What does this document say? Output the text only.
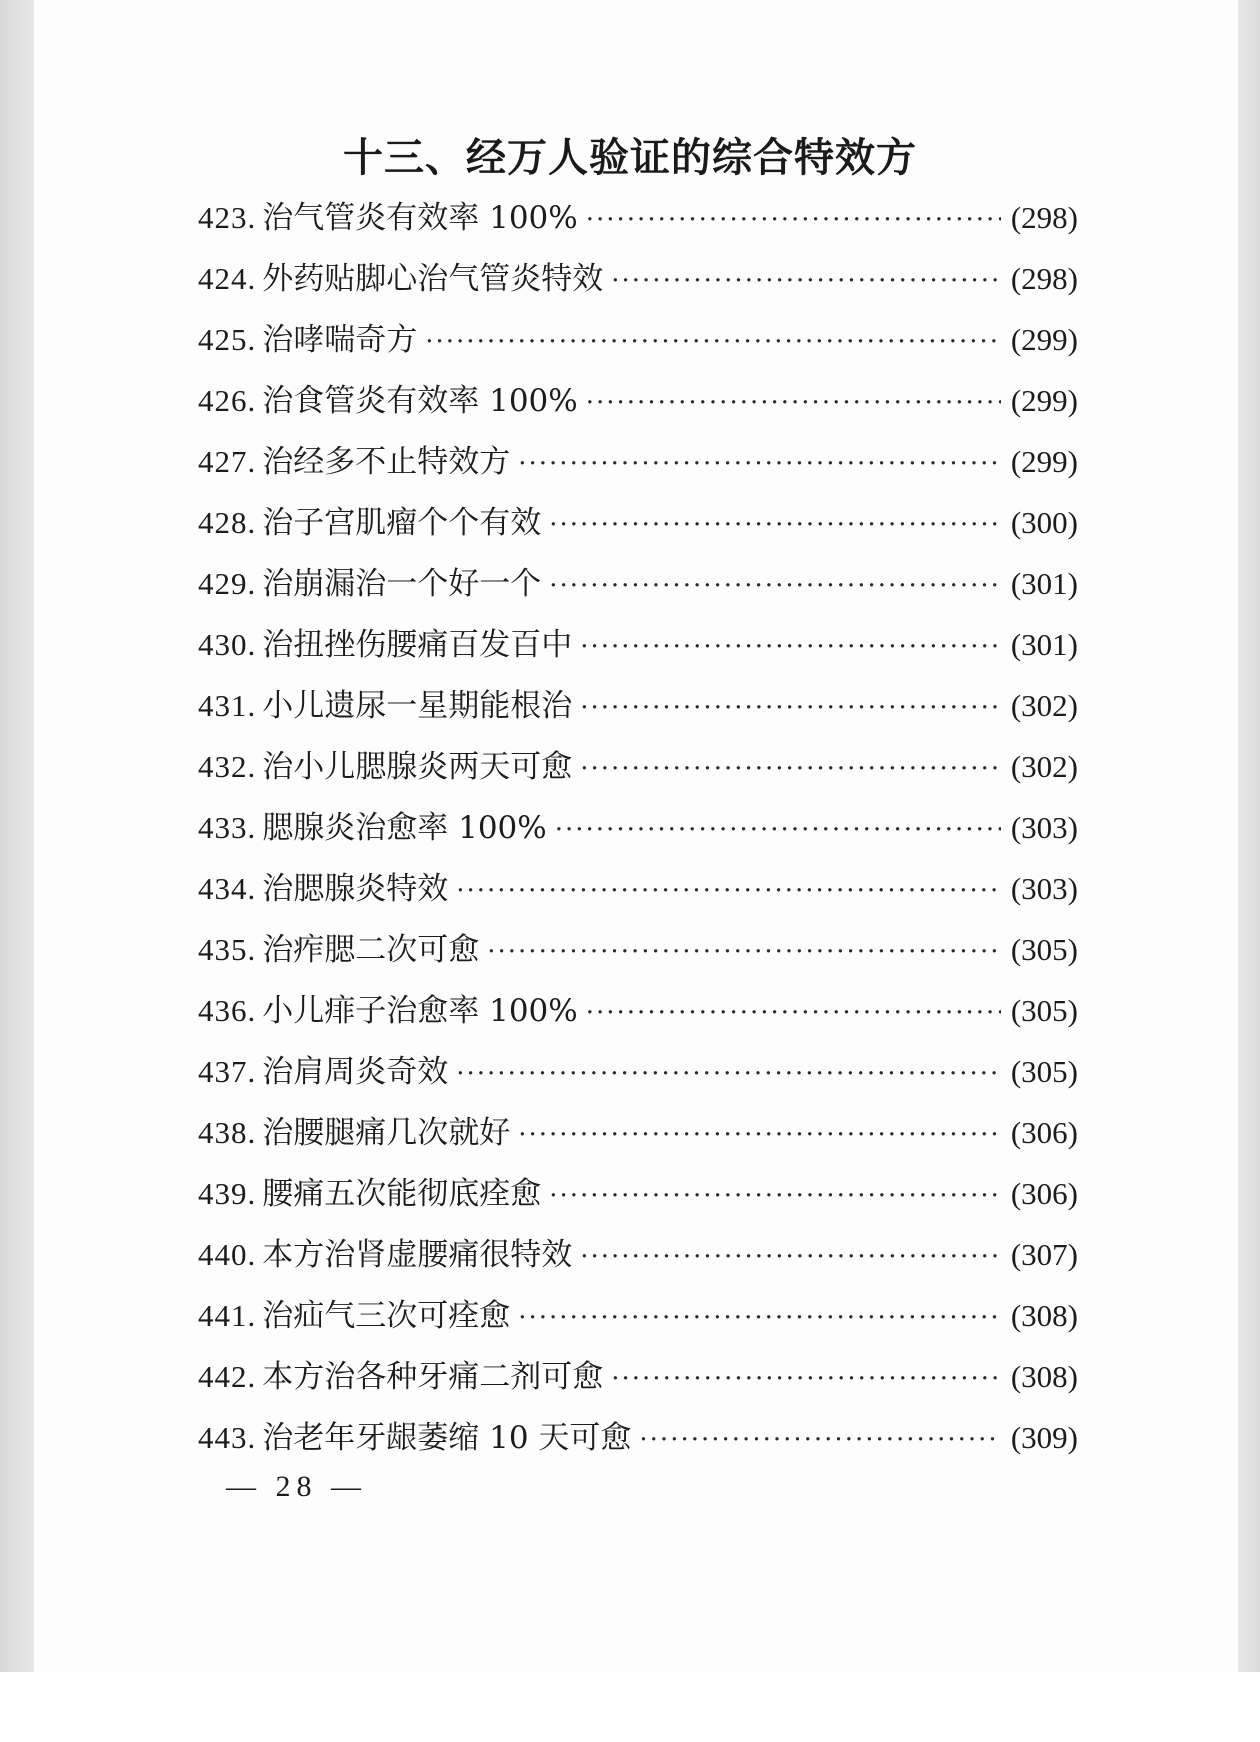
十三、经万人验证的综合特效方
423. 治气管炎有效率 100% ·····	(298)
424. 外药贴脚心治气管炎特效 ·····	(298)
425. 治哮喘奇方 ·····	(299)
426. 治食管炎有效率 100% ·····	(299)
427. 治经多不止特效方 ·····	(299)
428. 治子宫肌瘤个个有效 ·····	(300)
429. 治崩漏治一个好一个 ·····	(301)
430. 治扭挫伤腰痛百发百中 ·····	(301)
431. 小儿遗尿一星期能根治 ·····	(302)
432. 治小儿腮腺炎两天可愈 ·····	(302)
433. 腮腺炎治愈率 100% ·····	(303)
434. 治腮腺炎特效 ·····	(303)
435. 治痄腮二次可愈 ·····	(305)
436. 小儿痱子治愈率 100% ·····	(305)
437. 治肩周炎奇效 ·····	(305)
438. 治腰腿痛几次就好 ·····	(306)
439. 腰痛五次能彻底痊愈 ·····	(306)
440. 本方治肾虚腰痛很特效 ·····	(307)
441. 治疝气三次可痊愈 ·····	(308)
442. 本方治各种牙痛二剂可愈 ·····	(308)
443. 治老年牙龈萎缩 10 天可愈 ·····	(309)
— 28 —
